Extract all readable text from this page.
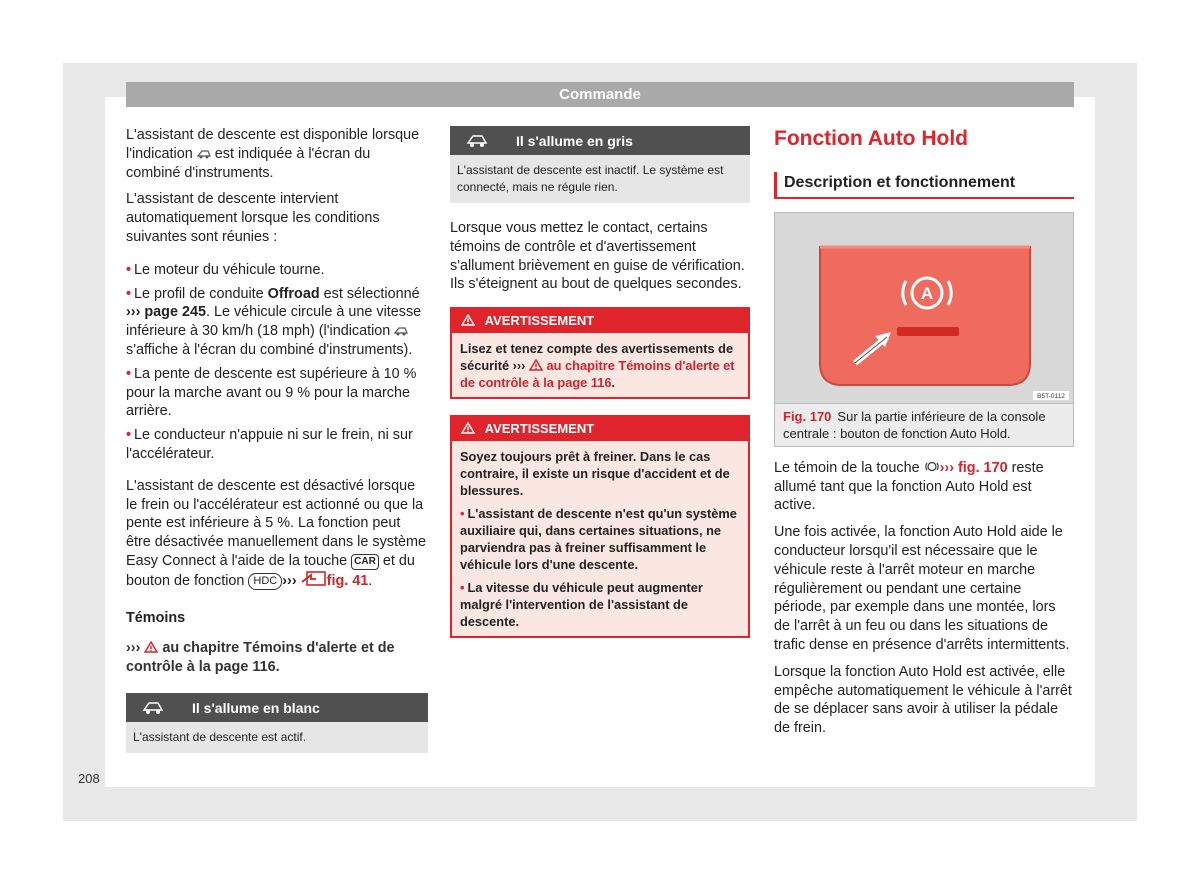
Commande

L'assistant de descente est disponible lorsque l'indication est indiquée à l'écran du combiné d'instruments.

L'assistant de descente intervient automatiquement lorsque les conditions suivantes sont réunies :

• Le moteur du véhicule tourne.
• Le profil de conduite Offroad est sélectionné ››› page 245. Le véhicule circule à une vitesse inférieure à 30 km/h (18 mph) (l'indication  s'affiche à l'écran du combiné d'instruments).
• La pente de descente est supérieure à 10 % pour la marche avant ou 9 % pour la marche arrière.
• Le conducteur n'appuie ni sur le frein, ni sur l'accélérateur.

L'assistant de descente est désactivé lorsque le frein ou l'accélérateur est actionné ou que la pente est inférieure à 5 %. La fonction peut être désactivée manuellement dans le système Easy Connect à l'aide de la touche CAR et du bouton de fonction HDC ››› fig. 41.

Témoins

››› au chapitre Témoins d'alerte et de contrôle à la page 116.

Il s'allume en blanc
L'assistant de descente est actif.
Il s'allume en gris
L'assistant de descente est inactif. Le système est connecté, mais ne régule rien.

Lorsque vous mettez le contact, certains témoins de contrôle et d'avertissement s'allument brièvement en guise de vérification. Ils s'éteignent au bout de quelques secondes.

AVERTISSEMENT
Lisez et tenez compte des avertissements de sécurité ››› au chapitre Témoins d'alerte et de contrôle à la page 116.
AVERTISSEMENT

Soyez toujours prêt à freiner. Dans le cas contraire, il existe un risque d'accident et de blessures.

• L'assistant de descente n'est qu'un système auxiliaire qui, dans certaines situations, ne parviendra pas à freiner suffisamment le véhicule lors d'une descente.

• La vitesse du véhicule peut augmenter malgré l'intervention de l'assistant de descente.

Fonction Auto Hold
Description et fonctionnement
A
B5T-0112
Fig. 170 Sur la partie inférieure de la console centrale : bouton de fonction Auto Hold.

Le témoin de la touche ››› fig. 170 reste allumé tant que la fonction Auto Hold est active.

Une fois activée, la fonction Auto Hold aide le conducteur lorsqu'il est nécessaire que le véhicule reste à l'arrêt moteur en marche régulièrement ou pendant une certaine période, par exemple dans une montée, lors de l'arrêt à un feu ou dans les situations de trafic dense en présence d'arrêts intermittents.

Lorsque la fonction Auto Hold est activée, elle empêche automatiquement le véhicule à l'arrêt de se déplacer sans avoir à utiliser la pédale de frein.

208
